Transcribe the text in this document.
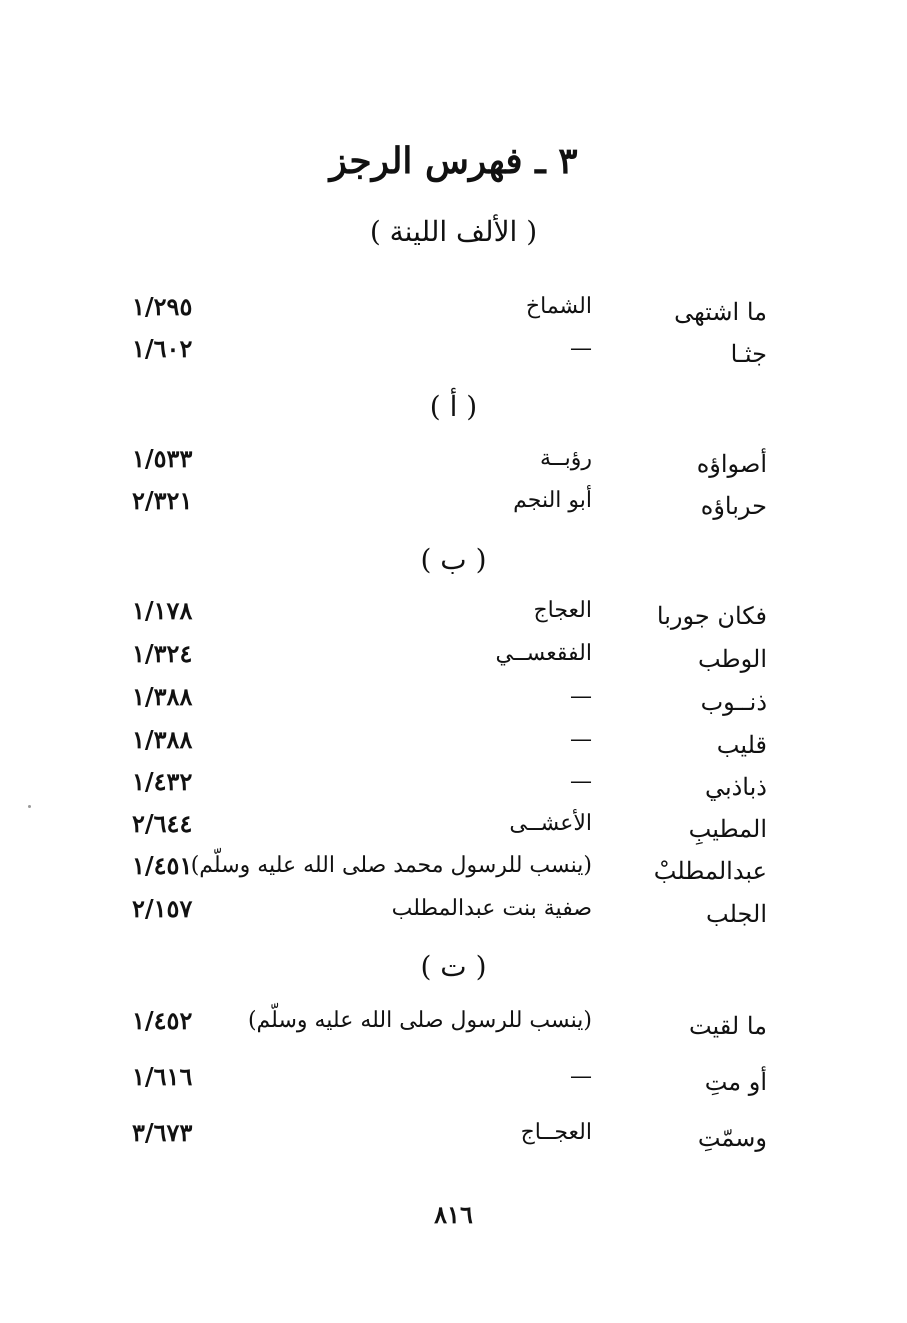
٣ ـ فهرس الرجز
( الألف اللينة )
ما اشتهى
الشماخ
١/٢٩٥
جثـا
—
١/٦٠٢
( أ )
أصواؤه
رؤبــة
١/٥٣٣
حرباؤه
أبو النجم
٢/٣٢١
( ب )
فكان جوربا
العجاج
١/١٧٨
الوطب
الفقعســي
١/٣٢٤
ذنــوب
—
١/٣٨٨
قليب
—
١/٣٨٨
ذباذبي
—
١/٤٣٢
المطيبِ
الأعشــى
٢/٦٤٤
عبدالمطلبْ
(ينسب للرسول محمد صلى الله عليه وسلّم)
١/٤٥١
الجلب
صفية بنت عبدالمطلب
٢/١٥٧
( ت )
ما لقيت
(ينسب للرسول صلى الله عليه وسلّم)
١/٤٥٢
أو متِ
—
١/٦١٦
وسمّتِ
العجــاج
٣/٦٧٣
٨١٦
